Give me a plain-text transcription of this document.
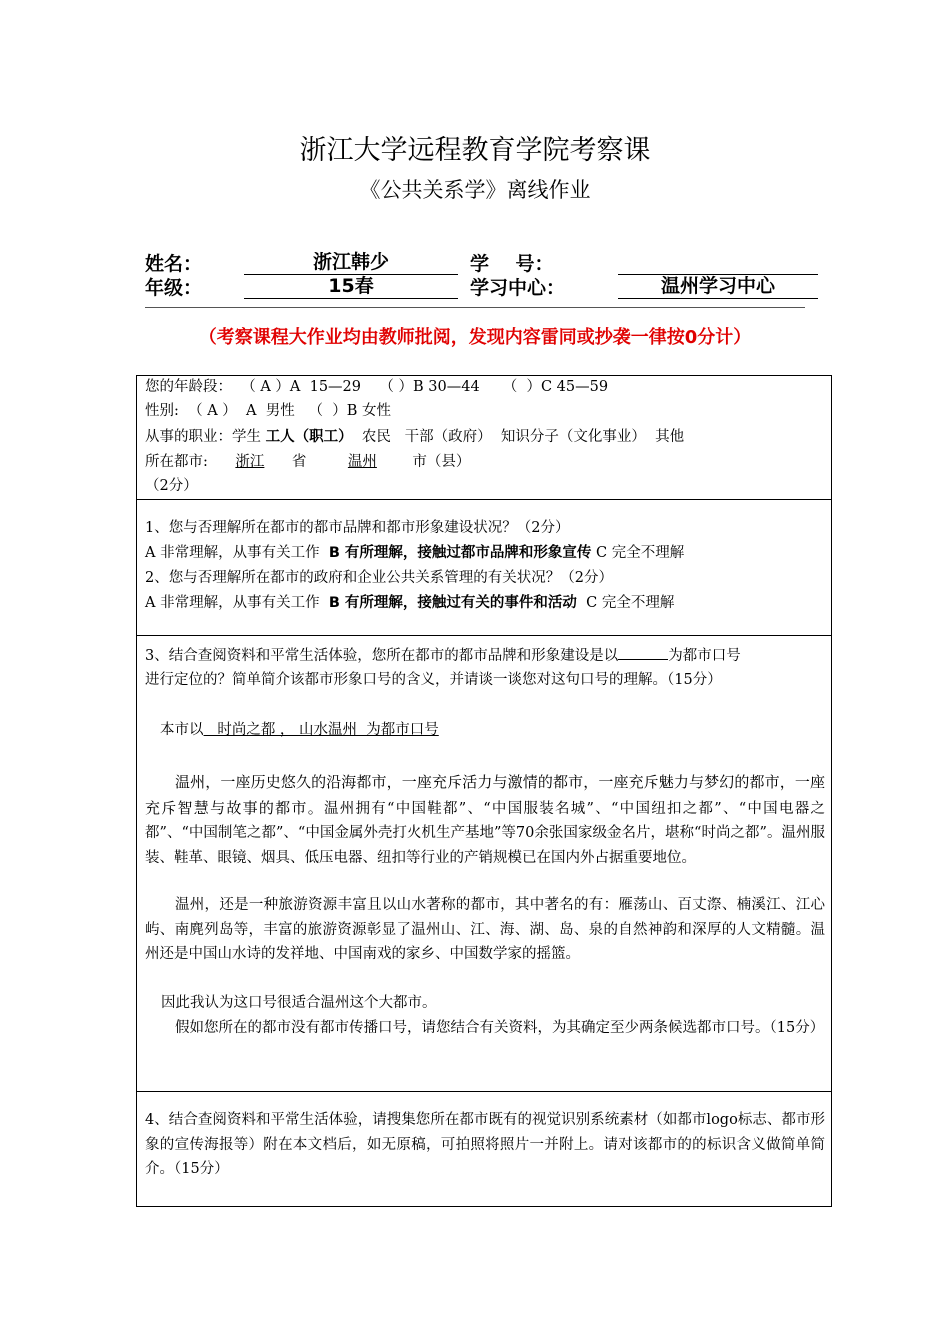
浙江大学远程教育学院考察课
《公共关系学》离线作业
姓名：	浙江韩少	学    号：
年级：	15春	学习中心：	温州学习中心
（考察课程大作业均由教师批阅，发现内容雷同或抄袭一律按0分计）
您的年龄段：  （ A ）A  15—29    （ ）B 30—44     （  ）C 45—59
性别:  （ A ）  A  男性   （  ）B 女性
从事的职业：学生 工人（职工）  农民   干部（政府）  知识分子（文化事业）  其他
所在都市: 浙江 省	温州 市（县）
（2分）
1、您与否理解所在都市的都市品牌和都市形象建设状况？（2分）
A 非常理解，从事有关工作  B 有所理解，接触过都市品牌和形象宣传 C 完全不理解
2、您与否理解所在都市的政府和企业公共关系管理的有关状况？（2分）
A 非常理解，从事有关工作  B 有所理解，接触过有关的事件和活动  C 完全不理解
3、结合查阅资料和平常生活体验，您所在都市的都市品牌和形象建设是以	为都市口号
进行定位的？简单简介该都市形象口号的含义，并请谈一谈您对这句口号的理解。（15分）
本市以   时尚之都 ， 山水温州  为都市口号

温州，一座历史悠久的沿海都市，一座充斥活力与激情的都市，一座充斥魅力与梦幻的都市，一座充斥智慧与故事的都市。温州拥有“中国鞋都”、“中国服装名城”、“中国纽扣之都”、“中国电器之都”、“中国制笔之都”、“中国金属外壳打火机生产基地”等70余张国家级金名片，堪称“时尚之都”。温州服装、鞋革、眼镜、烟具、低压电器、纽扣等行业的产销规模已在国内外占据重要地位。

温州，还是一种旅游资源丰富且以山水著称的都市，其中著名的有：雁荡山、百丈漈、楠溪江、江心屿、南麂列岛等，丰富的旅游资源彰显了温州山、江、海、湖、岛、泉的自然神韵和深厚的人文精髓。温州还是中国山水诗的发祥地、中国南戏的家乡、中国数学家的摇篮。

因此我认为这口号很适合温州这个大都市。

假如您所在的都市没有都市传播口号，请您结合有关资料，为其确定至少两条候选都市口号。（15分）

4、结合查阅资料和平常生活体验，请搜集您所在都市既有的视觉识别系统素材（如都市logo标志、都市形象的宣传海报等）附在本文档后，如无原稿，可拍照将照片一并附上。请对该都市的的标识含义做简单简介。（15分）
